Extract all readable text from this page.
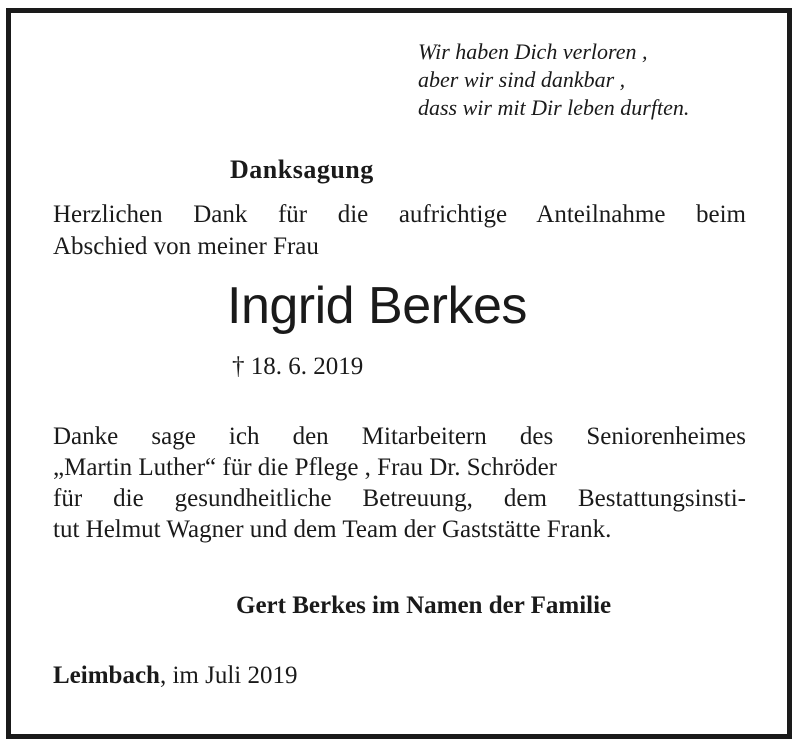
Wir haben Dich verloren ,
aber wir sind dankbar ,
dass wir mit Dir leben durften.
Danksagung
Herzlichen Dank für die aufrichtige Anteilnahme beim
Abschied von meiner Frau
Ingrid Berkes
† 18. 6. 2019
Danke sage ich den Mitarbeitern des Seniorenheimes
„Martin Luther“ für die Pflege , Frau Dr. Schröder
für die gesundheitliche Betreuung, dem Bestattungsinsti-
tut Helmut Wagner und dem Team der Gaststätte Frank.
Gert Berkes im Namen der Familie
Leimbach, im Juli 2019
